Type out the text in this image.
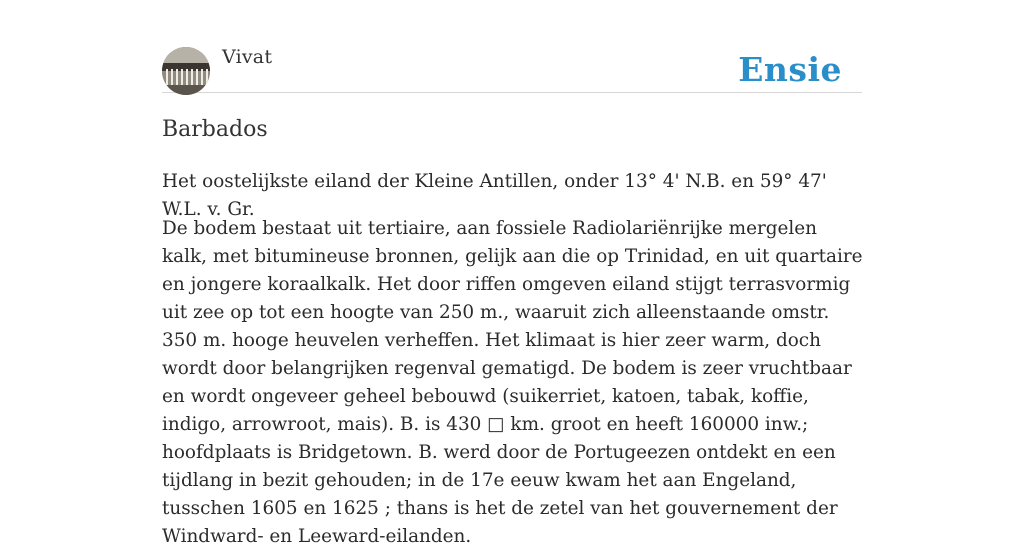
Vivat	Ensie
Barbados

Het oostelijkste eiland der Kleine Antillen, onder 13° 4' N.B. en 59° 47' W.L. v. Gr.

De bodem bestaat uit tertiaire, aan fossiele Radiolariënrijke mergelen kalk, met bitumineuse bronnen, gelijk aan die op Trinidad, en uit quartaire en jongere koraalkalk. Het door riffen omgeven eiland stijgt terrasvormig uit zee op tot een hoogte van 250 m., waaruit zich alleenstaande omstr. 350 m. hooge heuvelen verheffen. Het klimaat is hier zeer warm, doch wordt door belangrijken regenval gematigd. De bodem is zeer vruchtbaar en wordt ongeveer geheel bebouwd (suikerriet, katoen, tabak, koffie, indigo, arrowroot, mais). B. is 430 □ km. groot en heeft 160000 inw.; hoofdplaats is Bridgetown. B. werd door de Portugeezen ontdekt en een tijdlang in bezit gehouden; in de 17e eeuw kwam het aan Engeland, tusschen 1605 en 1625 ; thans is het de zetel van het gouvernement der Windward- en Leeward-eilanden.
